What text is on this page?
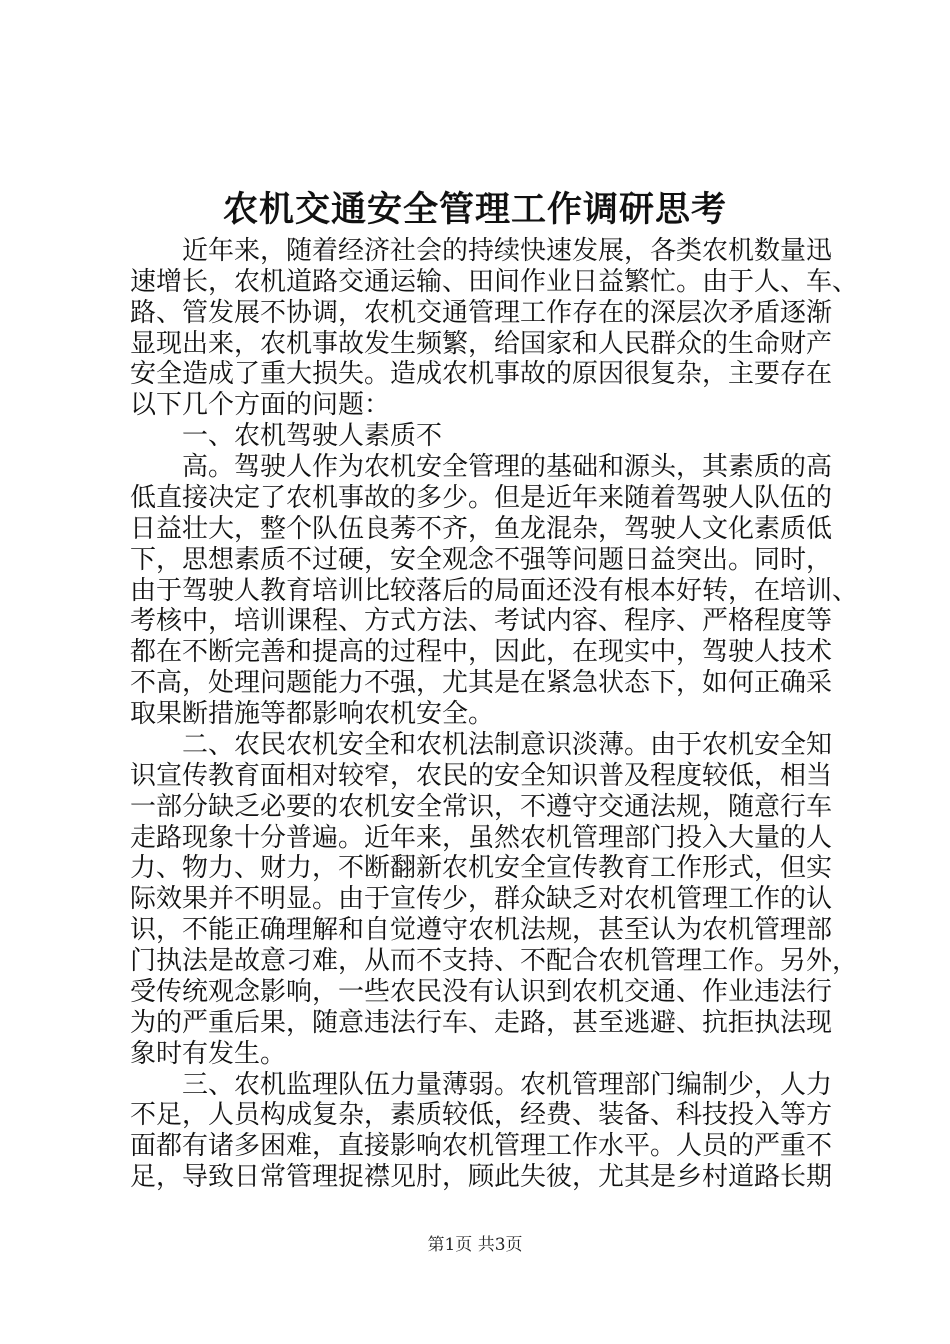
农机交通安全管理工作调研思考
近年来，随着经济社会的持续快速发展，各类农机数量迅
速增长，农机道路交通运输、田间作业日益繁忙。由于人、车、
路、管发展不协调，农机交通管理工作存在的深层次矛盾逐渐
显现出来，农机事故发生频繁，给国家和人民群众的生命财产
安全造成了重大损失。造成农机事故的原因很复杂，主要存在
以下几个方面的问题：
一、农机驾驶人素质不
高。驾驶人作为农机安全管理的基础和源头，其素质的高
低直接决定了农机事故的多少。但是近年来随着驾驶人队伍的
日益壮大，整个队伍良莠不齐，鱼龙混杂，驾驶人文化素质低
下，思想素质不过硬，安全观念不强等问题日益突出。同时，
由于驾驶人教育培训比较落后的局面还没有根本好转，在培训、
考核中，培训课程、方式方法、考试内容、程序、严格程度等
都在不断完善和提高的过程中，因此，在现实中，驾驶人技术
不高，处理问题能力不强，尤其是在紧急状态下，如何正确采
取果断措施等都影响农机安全。
二、农民农机安全和农机法制意识淡薄。由于农机安全知
识宣传教育面相对较窄，农民的安全知识普及程度较低，相当
一部分缺乏必要的农机安全常识，不遵守交通法规，随意行车
走路现象十分普遍。近年来，虽然农机管理部门投入大量的人
力、物力、财力，不断翻新农机安全宣传教育工作形式，但实
际效果并不明显。由于宣传少，群众缺乏对农机管理工作的认
识，不能正确理解和自觉遵守农机法规，甚至认为农机管理部
门执法是故意刁难，从而不支持、不配合农机管理工作。另外，
受传统观念影响，一些农民没有认识到农机交通、作业违法行
为的严重后果，随意违法行车、走路，甚至逃避、抗拒执法现
象时有发生。
三、农机监理队伍力量薄弱。农机管理部门编制少，人力
不足，人员构成复杂，素质较低，经费、装备、科技投入等方
面都有诸多困难，直接影响农机管理工作水平。人员的严重不
足，导致日常管理捉襟见肘，顾此失彼，尤其是乡村道路长期
第1页 共3页
